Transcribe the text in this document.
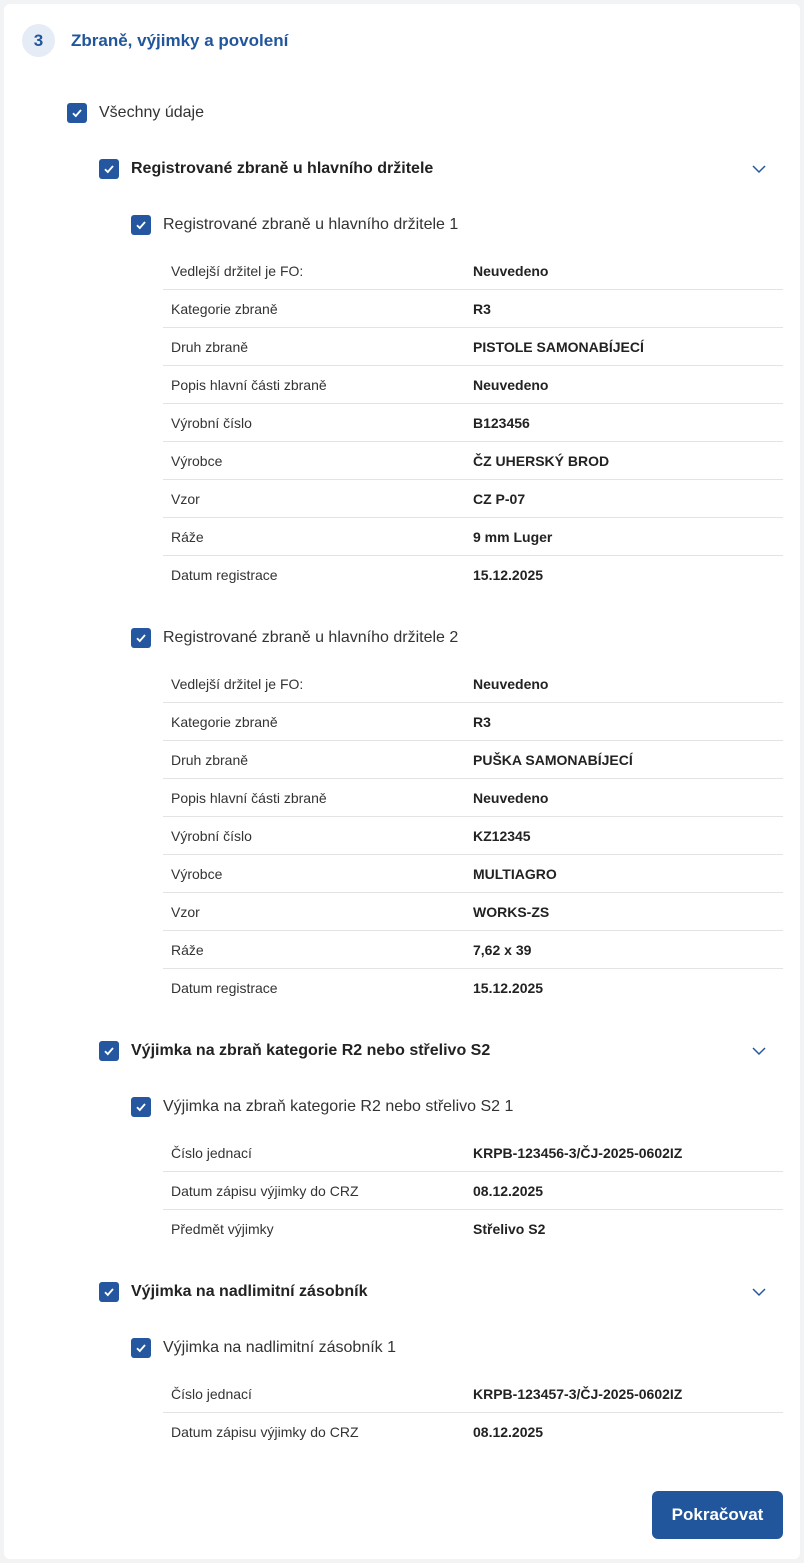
3	Zbraně, výjimky a povolení
Všechny údaje
Registrované zbraně u hlavního držitele
Registrované zbraně u hlavního držitele 1
Vedlejší držitel je FO:	Neuvedeno
Kategorie zbraně	R3
Druh zbraně	PISTOLE SAMONABÍJECÍ
Popis hlavní části zbraně	Neuvedeno
Výrobní číslo	B123456
Výrobce	ČZ UHERSKÝ BROD
Vzor	CZ P-07
Ráže	9 mm Luger
Datum registrace	15.12.2025
Registrované zbraně u hlavního držitele 2
Vedlejší držitel je FO:	Neuvedeno
Kategorie zbraně	R3
Druh zbraně	PUŠKA SAMONABÍJECÍ
Popis hlavní části zbraně	Neuvedeno
Výrobní číslo	KZ12345
Výrobce	MULTIAGRO
Vzor	WORKS-ZS
Ráže	7,62 x 39
Datum registrace	15.12.2025
Výjimka na zbraň kategorie R2 nebo střelivo S2
Výjimka na zbraň kategorie R2 nebo střelivo S2 1
Číslo jednací	KRPB-123456-3/ČJ-2025-0602IZ
Datum zápisu výjimky do CRZ	08.12.2025
Předmět výjimky	Střelivo S2
Výjimka na nadlimitní zásobník
Výjimka na nadlimitní zásobník 1
Číslo jednací	KRPB-123457-3/ČJ-2025-0602IZ
Datum zápisu výjimky do CRZ	08.12.2025
Pokračovat
